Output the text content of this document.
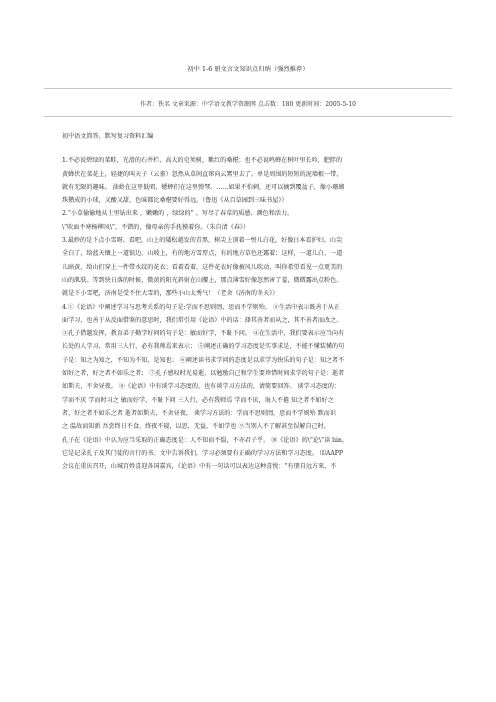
初中 1-6 册文言文知识点归纳（强烈推荐）
作者：佚名 文章来源：中学语文教学资源网 点击数：180 更新时间：2005-5-10
初中语文简答、默写复习资料汇编
1.不必说碧绿的菜畦，光滑的石井栏，高大的皂荚树，紫红的桑椹；也不必说鸣蝉在树叶里长吟，肥胖的
黄蜂伏在菜花上，轻捷的叫天子（云雀）忽然从草间直窜向云霄里去了。单是周围的短短的泥墙根一带，
就有无限的趣味。 油蛉在这里低唱，蟋蟀们在这里弹琴。……如果不怕刺，还可以摘到覆盆子，像小珊瑚
珠攒成的小球，又酸又甜，色味都比桑椹要好得远。（鲁迅《从百草园到三味书屋》）
2.“小草偷偷地从土里钻出来 ，嫩嫩的 ，绿绿的” 。写尽了春草的质感、颜色和活力。
\“吹面不寒杨柳风\”，不错的，像母亲的手抚摸着你。（朱自清《春》）
3.最妙的是下点小雪呀。看吧，山上的矮松越发的青黑，树尖上顶着一髻儿白花，好像日本看护妇。山尖
全白了，给蓝天镶上一道银边。山坡上，有的地方雪厚点，有的地方草色还露着；这样，一道儿白，一道
儿暗黄，给山们穿上一件带水纹的花衣；看着看着，这件花衣好像被风儿吹动，叫你希望看见一点更美的
山的肌肤。等到快日落的时候，微黄的阳光斜射在山腰上，那点薄雪好像忽然害了羞，微微露出点粉色。
就是下小雪吧，济南是受不住大雪的，那些小山太秀气！（老舍《济南的冬天》）
4.①《论语》中阐述学习与思考关系的句子是:学而不思则罔，思而不学则殆。 ②生活中表示既善于从正
面学习，也善于从反面借鉴的意思时，我们常引用《论语》中的话：择其善者而从之，其不善者而改之。
③孔子借题发挥，教育弟子勤学好问的句子是：敏而好学，不耻下问。 ④在生活中，我们要表示应当向有
长处的人学习，常用三人行，必有我师焉来表示； ⑤阐述正确的学习态度是实事求是，不能不懂装懂的句
子是：知之为知之，不知为不知，是知也； ⑥阐述读书求学问的态度是以求学为快乐的句子是：知之者不
如好之者，好之者不如乐之者； ⑦孔子感叹时光易逝，以勉励自己和学生要珍惜时间求学的句子是：逝者
如斯夫，不舍昼夜。 ⑧《论语》中有谈学习态度的，也有谈学习方法的，请简要回答。 谈学习态度的：
学而不厌 学而时习之 敏而好学，不耻下问 三人行，必有我师焉 学而不厌，诲人不倦 知之者不如好之
者，好之者不如乐之者 逝者如斯夫，不舍昼夜。 谈学习方法的：学而不思则罔，思而不学则殆 默而识
之 温故而知新 吾尝终日不食，终夜不寝，以思，无益，不如学也 ⑨当别人不了解甚至误解自己时，
孔子在《论语》中认为应当采取的正确态度是：人不知而不愠，不亦君子乎。 ⑩《论语》的\“论\”读 lún，
它是记录孔子及其门徒的言行的书。文中告诉我们，学习必须要有正确的学习方法和学习态度。 ⑾AAPP
会议在重庆召开，山城百姓喜迎各国嘉宾，《论语》中有一句话可以表达这种喜悦：“有朋自远方来，不
